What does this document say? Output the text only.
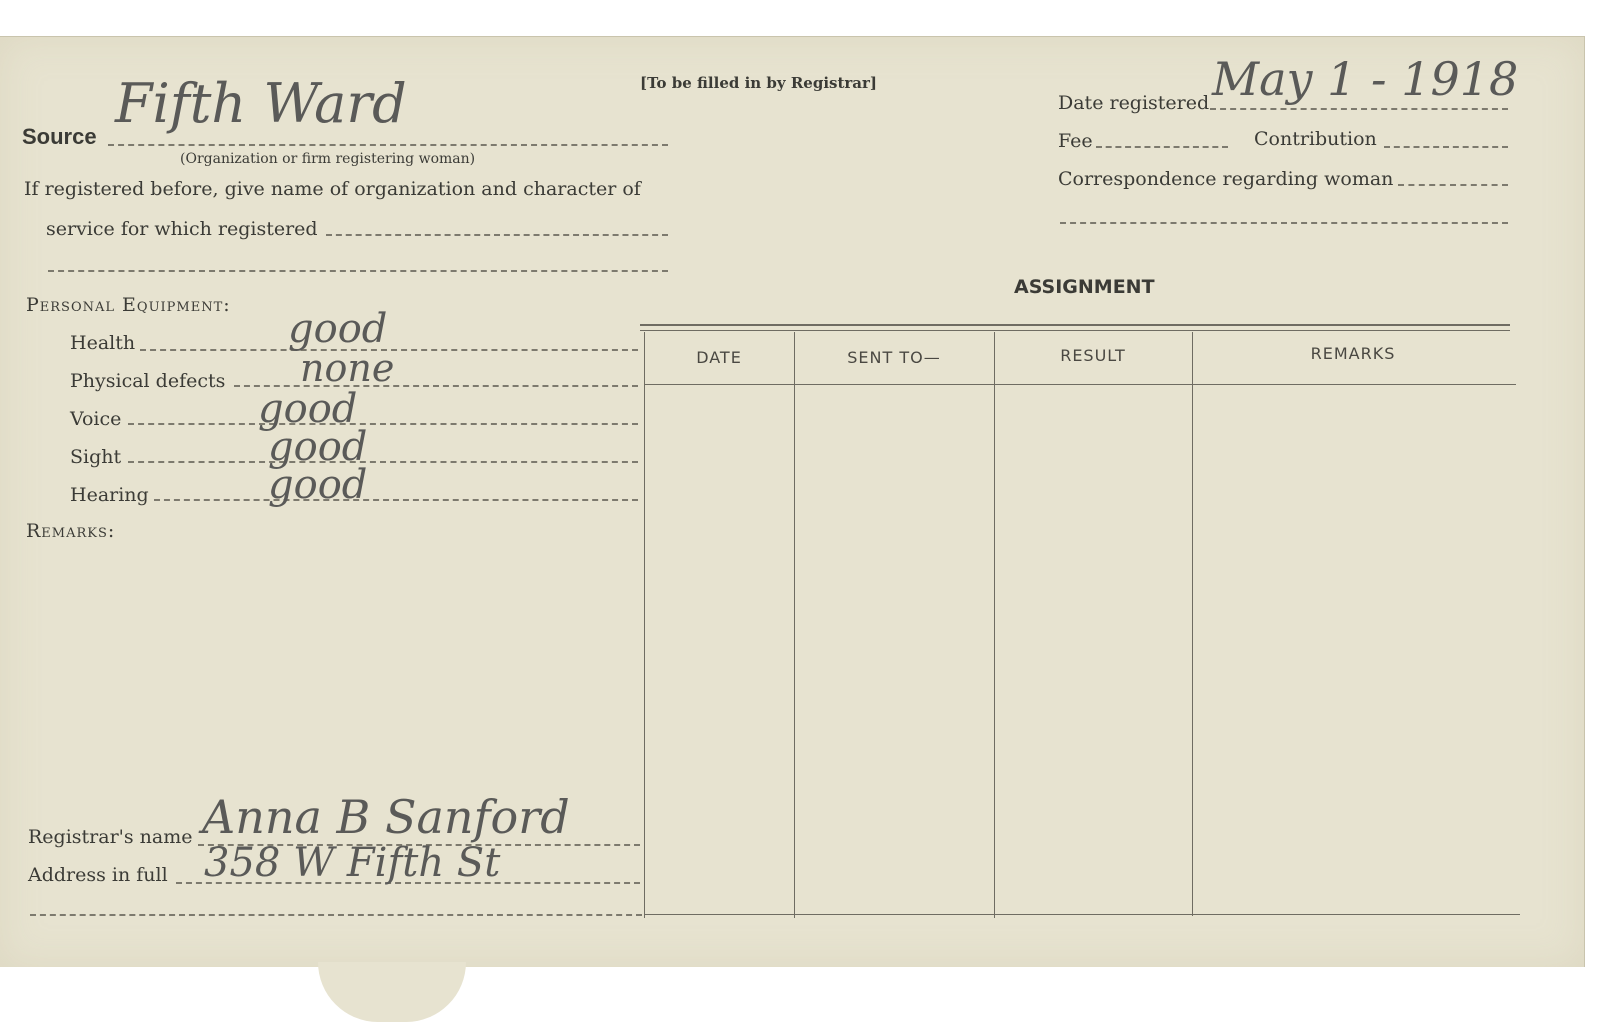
[To be filled in by Registrar]
Source
Fifth Ward
(Organization or firm registering woman)
If registered before, give name of organization and character of
service for which registered
Date registered May 1 - 1918
Fee	Contribution
Correspondence regarding woman
Personal Equipment:
Health	good
Physical defects none
Voice	good
Sight	good
Hearing	good
Remarks:
ASSIGNMENT
DATE	SENT TO—	RESULT	REMARKS
Registrar's name Anna B Sanford
Address in full 358 W Fifth St
